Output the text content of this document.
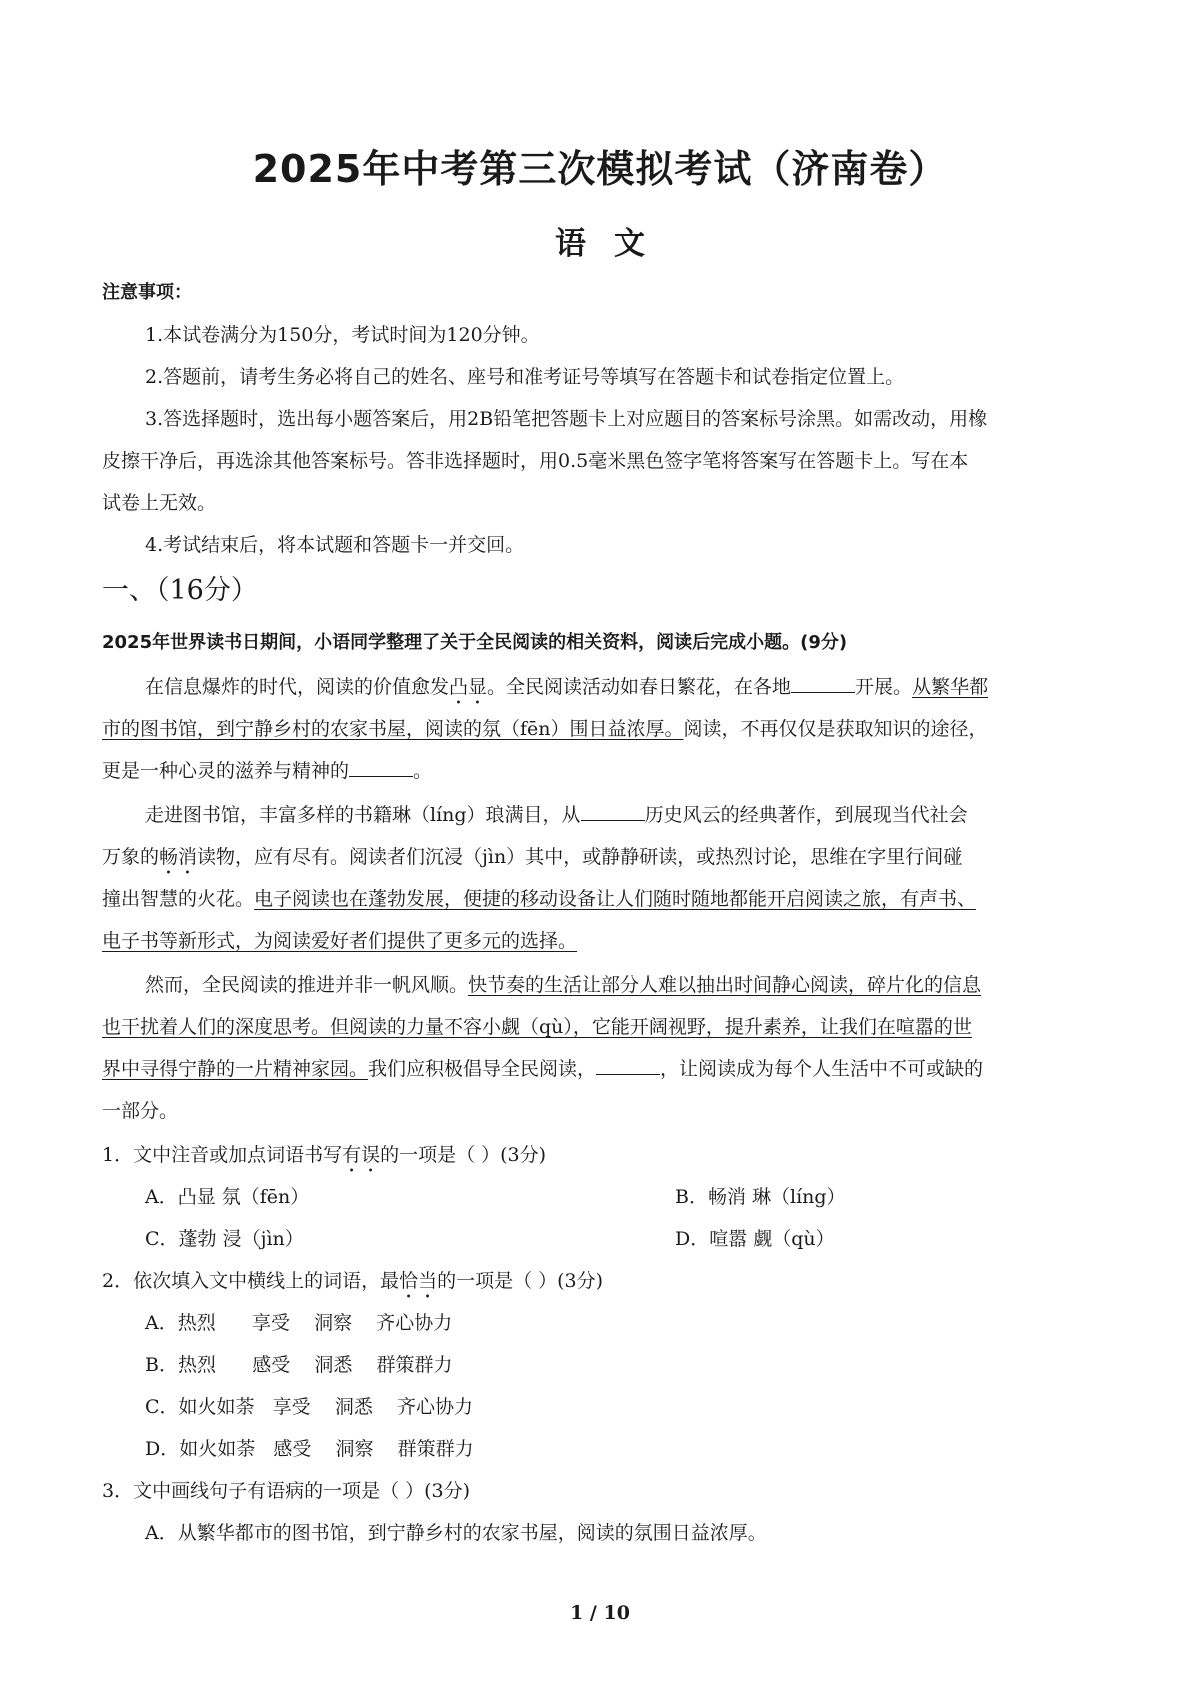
2025年中考第三次模拟考试（济南卷）
语文
注意事项：
1.本试卷满分为150分，考试时间为120分钟。
2.答题前，请考生务必将自己的姓名、座号和准考证号等填写在答题卡和试卷指定位置上。
3.答选择题时，选出每小题答案后，用2B铅笔把答题卡上对应题目的答案标号涂黑。如需改动，用橡
皮擦干净后，再选涂其他答案标号。答非选择题时，用0.5毫米黑色签字笔将答案写在答题卡上。写在本
试卷上无效。
4.考试结束后，将本试题和答题卡一并交回。
一、（16分）
2025年世界读书日期间，小语同学整理了关于全民阅读的相关资料，阅读后完成小题。(9分)
在信息爆炸的时代，阅读的价值愈发凸显。全民阅读活动如春日繁花，在各地	开展。从繁华都
市的图书馆，到宁静乡村的农家书屋，阅读的氛（fēn）围日益浓厚。阅读，不再仅仅是获取知识的途径，
更是一种心灵的滋养与精神的	。
走进图书馆，丰富多样的书籍琳（líng）琅满目，从	历史风云的经典著作，到展现当代社会
万象的畅消读物，应有尽有。阅读者们沉浸（jìn）其中，或静静研读，或热烈讨论，思维在字里行间碰
撞出智慧的火花。电子阅读也在蓬勃发展，便捷的移动设备让人们随时随地都能开启阅读之旅，有声书、
电子书等新形式，为阅读爱好者们提供了更多元的选择。
然而，全民阅读的推进并非一帆风顺。快节奏的生活让部分人难以抽出时间静心阅读，碎片化的信息
也干扰着人们的深度思考。但阅读的力量不容小觑（qù），它能开阔视野，提升素养，让我们在喧嚣的世
界中寻得宁静的一片精神家园。我们应积极倡导全民阅读，	，让阅读成为每个人生活中不可或缺的
一部分。
1．文中注音或加点词语书写有误的一项是（ ）(3分)
A．凸显 氛（fēn）	B．畅消 琳（líng）
C．蓬勃 浸（jìn）	D．喧嚣 觑（qù）
2．依次填入文中横线上的词语，最恰当的一项是（ ）(3分)
A．热烈      享受    洞察    齐心协力
B．热烈      感受    洞悉    群策群力
C．如火如荼   享受    洞悉    齐心协力
D．如火如荼   感受    洞察    群策群力
3．文中画线句子有语病的一项是（ ）(3分)
A．从繁华都市的图书馆，到宁静乡村的农家书屋，阅读的氛围日益浓厚。
1 / 10
